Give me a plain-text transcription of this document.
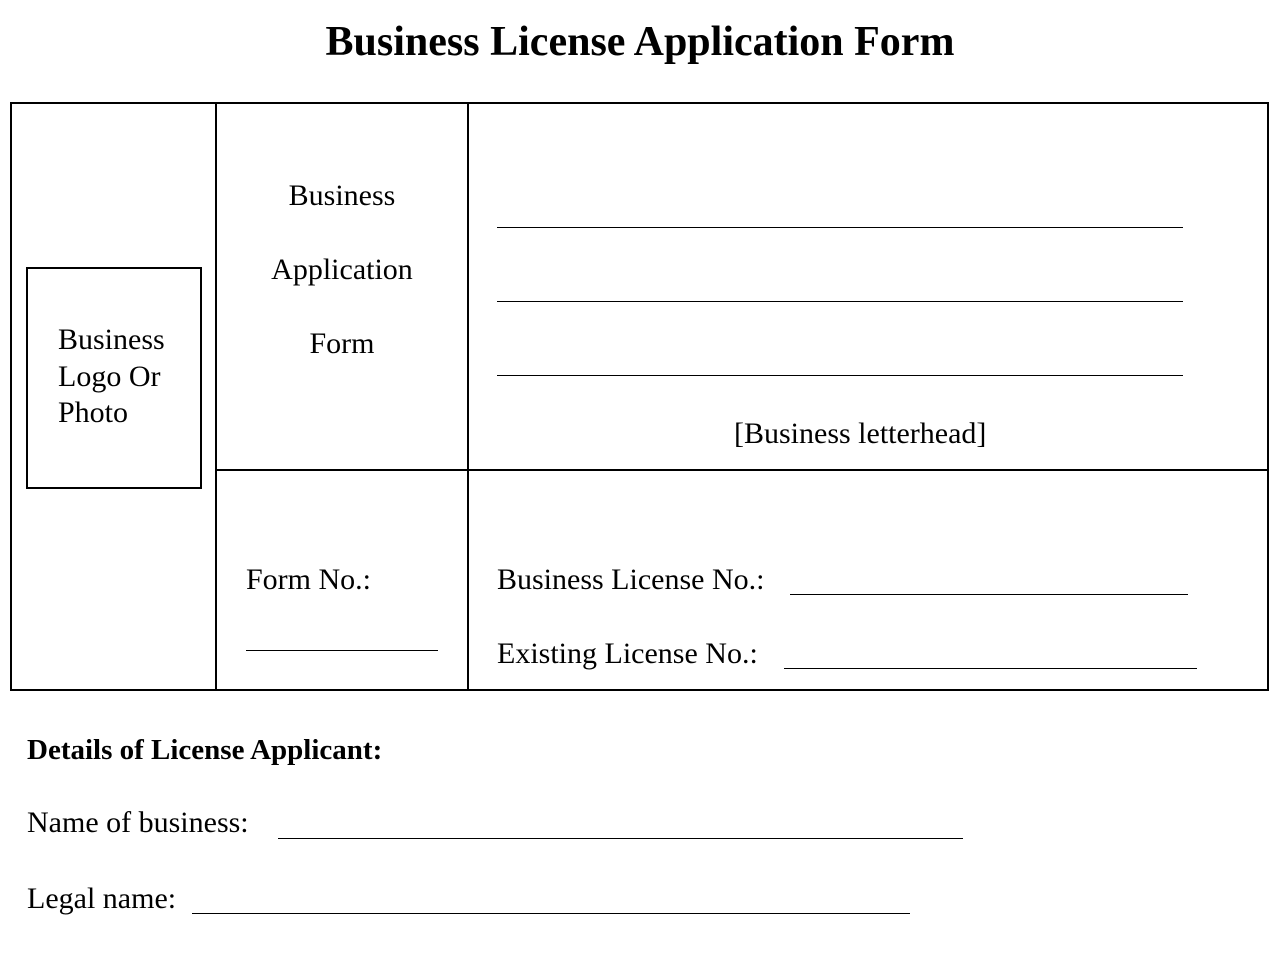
Business License Application Form
Business
Logo Or
Photo
Business
Application
Form
[Business letterhead]
Form No.:	Business License No.:
Existing License No.:
Details of License Applicant:
Name of business:
Legal name:
